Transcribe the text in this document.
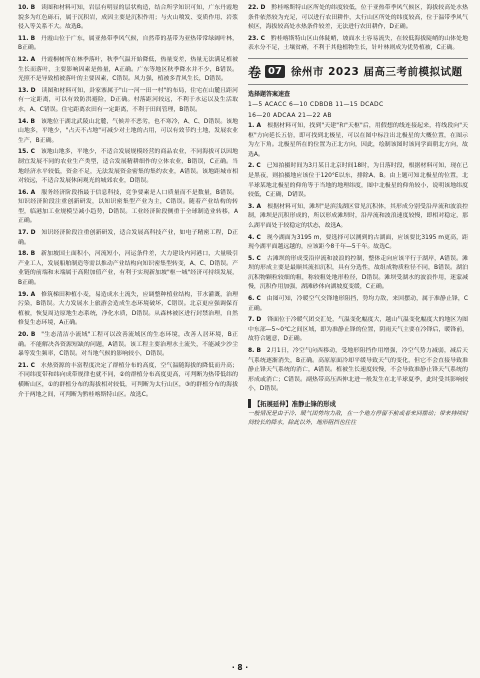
10. B  读图和材料可知，岩层有明显的层状构造，结合所学知识可知，广东丹霞地貌多为红色砾石，属于沉积岩，成因主要是沉积作用；与火山喷发、变质作用、岩浆侵入等关系不大。故选B。

11. B  丹霞山位于广东，属亚热带季风气候，自然带的基带为亚热带常绿阔叶林，B正确。

12. A  丹霞桐树所在林季落叶，秋季气温开始降低，热量变差，热量无法满足植被生长而落叶，主要影响因素是热量，A正确。广东等地区秋季降水并不少，B错误。光照不是导致植被落叶的主要因素，C错误。风力强，植被多背风生长，D错误。

13. D  读图和材料可知，卦家寨属于"山一河一田一村"的布局，住宅在山麓且距河有一定距离，可以有效防洪避险，D正确。村落距河较远，不利于水运以及生活取水，A、C错误。住宅距离农田有一定距离，不利于田间管理，B错误。

14. B  该地位于湖北武陵山北麓，气候并不恶劣，也不寒冷，A、C、D错误。该地山地多，平地少，"占天不占地"可减少对土地的占用，可以有效节约土地，发展农业生产，B正确。

15. C  该地山地多，平地少，不适合发展规模经营的商品农业，不同海拔可以因地制宜发展不同的农业生产类型，适合发展精耕细作的立体农业，B错误，C正确。当地经济水平较低，资金不足，无法发展资金密集的集约农业，A错误。该地距城市相对较远，不适合发展休闲观光的城郊农业，D错误。

16. A  服务经济阶段指最于信息科技，竞争要素是人口质量而不是数量，B错误。知识经济阶段注重创新研发，以知识密集型产业为主，C错误。随着产业结构的转型，临港加工业规模呈减小趋势，D错误。工业经济阶段侧重于全球制造业转移，A正确。

17. D  知识经济阶段注重创新研发，适合发展高科技产业，如电子精密工程，D正确。

18. B  新加坡国土面积小，河流短小，河运条件差，大力建设内河港口，大量吸引产业工人，发展船舶制造等需以推动产业结构向知识密集型转变，A、C、D错误。产业链的前端和末端属于高附加值产业，有利于实现新加坡"枢一城"经济可持续发展，B正确。

19. A  修筑梯田种植小麦，易造成水土流失，应调整种植业结构，节水灌溉，治理污染，B错误。大力发展水上旅游会造成生态环境破坏，C错误。北京更应强调保育植被，恢复周边原地生态系统，净化水质，D错误。从森林被区进行封禁治理，自然修复生态环境，A正确。

20. B  "生态清洁小流域"工程可以改善流域区的生态环境，改善人居环境，B正确。不能解决各资源短缺的问题，A错误。该工程主要治理水土流失，不能减少沙尘暴等发生频率，C错误。对当地气候的影响较小，D错误。

21. C  水热资源的丰富程度决定了群植分布的高度，空气温随海拔的降低而升高；不同纬度带和纬向成带规律也就不同，②的群植分布高度更高，可判断为热带低纬的横断山区，①的群植分布的海拔相对较低，可判断为太行山区，③的群植分布的海拔介于两地之间，可判断为黔桂喀斯特山区。故选C。

22. D  黔桂喀斯特山区所处的纬度较低，位于亚热带季风气候区，海拔较高处水热条件依然较为充足，可以进行农田耕作，太行山区所处的纬度较高，位于温带季风气候区，海拔较高处水热条件较差，无法进行农田耕作，D正确。

23. C  黔桂喀斯特山区山体陡峭，坡面水土容易流失，在较低海拔陡峭的山体处地表水分不足，土壤贫瘠，不利于其他植物生长，针叶林则成为优势植被，C正确。

卷 07 徐州市 2023 届高三考前模拟试题
选择题答案速查
1—5 ACACC 6—10 CDBDB 11—15 DCADC
16—20 ADCAA 21—22 AB

1. A  根据材料可知，找到"天建"和"天枢"后，用假想的线连接起来，将线段向"天枢"方向延长五倍，即可找到北极星，可以在图中标注出北极星的大概位置，在图示为左下角。北极星所在的位置为正北方向，因此，绘制该图时该同学面朝北方向，故选A。

2. C  已知拍摄时间为3月某日北京时间18时，为日落时段，根据材料可知，现在已是黑夜，则拍摄地应该位于120°E以东，排除A、B。由上题可知北极星的位置，北半球某地北极星的仰角等于当地的地理纬度，图中北极星的仰角较小，说明该地纬度较低，C正确，D错误。

3. A  根据材料可知，滩坝"是滨浅湖区常见沉积体，其形成分别受沿岸流和波浪控制，滩坝是沉积形成的，所以形成滩坝时，沿岸流和波浪速度较慢，即相对稳定，那么湖平面处于较稳定的状态，故选A。

4. C  现今湖面为3195 m，要选择可以测到的古湖面，应该要比3195 m更高，距现今湖平面越远越的，应该距今8千年—5千年。故选C。

5. C  古滩坝的形成受沿岸流和波浪的控制，整体走向应该平行于湖岸，A错误。滩坝的形成主要是最顺其流扣沉积，具有分选性，故组成物质粒径不同，B错误。湖泊沉积物颗粒较细的粗，称较粗处地形粒径，D错误。滩坝受湖水的波浪作用，迷蒙减慢，沉积作用加强，湖滩砂体向湖坡度变缓，C正确。

6. C  由图可知，冷暖空气交锋地形阻挡，势均力敌，来回摆动，属于准静止锋，C正确。

7. D  锋面位于冷暖气团交汇处，气温变化幅度大，越山气温变化幅度大的地区为图中东部—5~0℃之间区域，即为准静止锋的位置，阴雨天气主要在冷锋后，暖锋前，故符合题意，D正确。

8. B  2月1日，冷空气向西移动，受地形阻挡作用增强，冷空气势力减弱，减后天气系统逐渐消失，B正确。高原原面冷却平缓导致天气的变化，但它不会直接导致准静止锋天气系统的消亡，A错误。植被生长速度较慢，不会导致准静止锋天气系统的形成或消亡；C错误。副热带高压西伸北进一般发生在北半球夏季，此时受其影响较小，D错误。

【拓展延伸】准静止锋的形成

一般情况是由于冷、暖气团势均力敌，在一个地方停留不前或者来回摆动；带来持续时间较长的降水，除此以外，地形阻挡也往往

· 8 ·
